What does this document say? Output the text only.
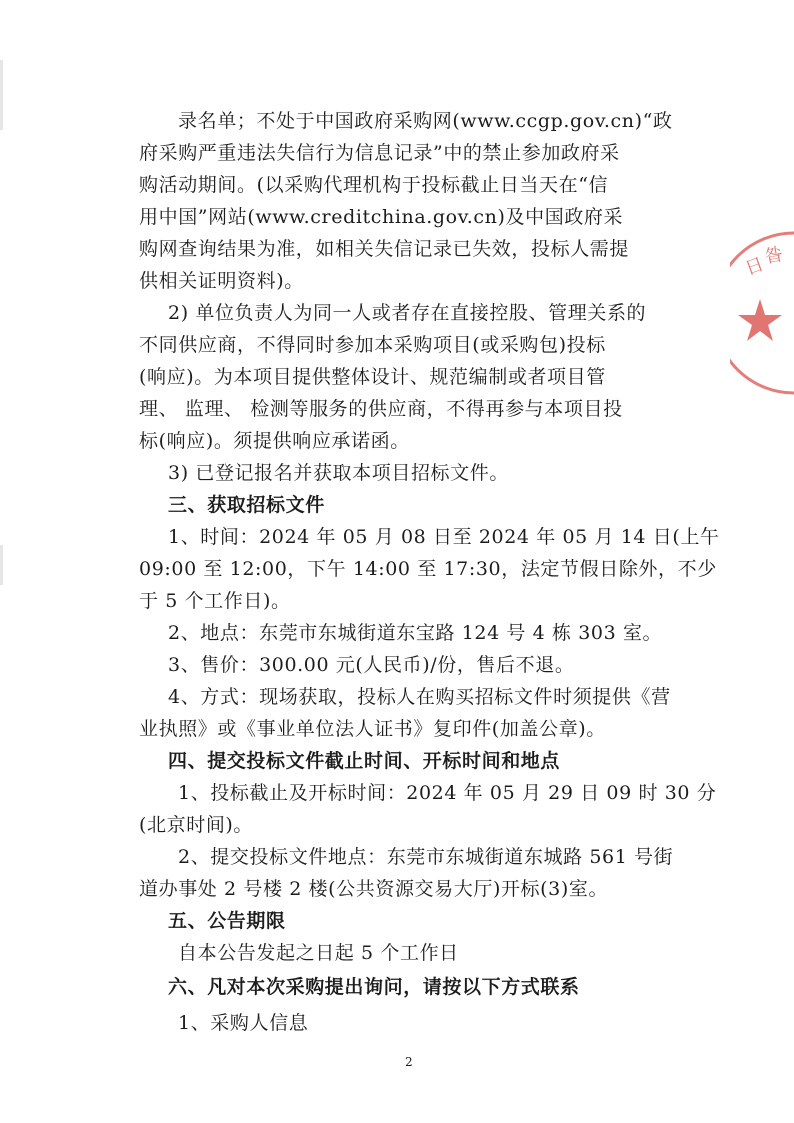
录名单；不处于中国政府采购网(www.ccgp.gov.cn)“政
府采购严重违法失信行为信息记录”中的禁止参加政府采
购活动期间。(以采购代理机构于投标截止日当天在“信
用中国”网站(www.creditchina.gov.cn)及中国政府采
购网查询结果为准，如相关失信记录已失效，投标人需提
供相关证明资料)。
2) 单位负责人为同一人或者存在直接控股、管理关系的
不同供应商，不得同时参加本采购项目(或采购包)投标
(响应)。为本项目提供整体设计、规范编制或者项目管
理、 监理、 检测等服务的供应商，不得再参与本项目投
标(响应)。须提供响应承诺函。
3) 已登记报名并获取本项目招标文件。
三、获取招标文件
1、时间：2024 年 05 月 08 日至 2024 年 05 月 14 日(上午
09:00 至 12:00，下午 14:00 至 17:30，法定节假日除外，不少
于 5 个工作日)。
2、地点：东莞市东城街道东宝路 124 号 4 栋 303 室。
3、售价：300.00 元(人民币)/份，售后不退。
4、方式：现场获取，投标人在购买招标文件时须提供《营
业执照》或《事业单位法人证书》复印件(加盖公章)。
四、提交投标文件截止时间、开标时间和地点
1、投标截止及开标时间：2024 年 05 月 29 日 09 时 30 分
(北京时间)。
2、提交投标文件地点：东莞市东城街道东城路 561 号街
道办事处 2 号楼 2 楼(公共资源交易大厅)开标(3)室。
五、公告期限
自本公告发起之日起 5 个工作日
六、凡对本次采购提出询问，请按以下方式联系
1、采购人信息
2
日
昝
